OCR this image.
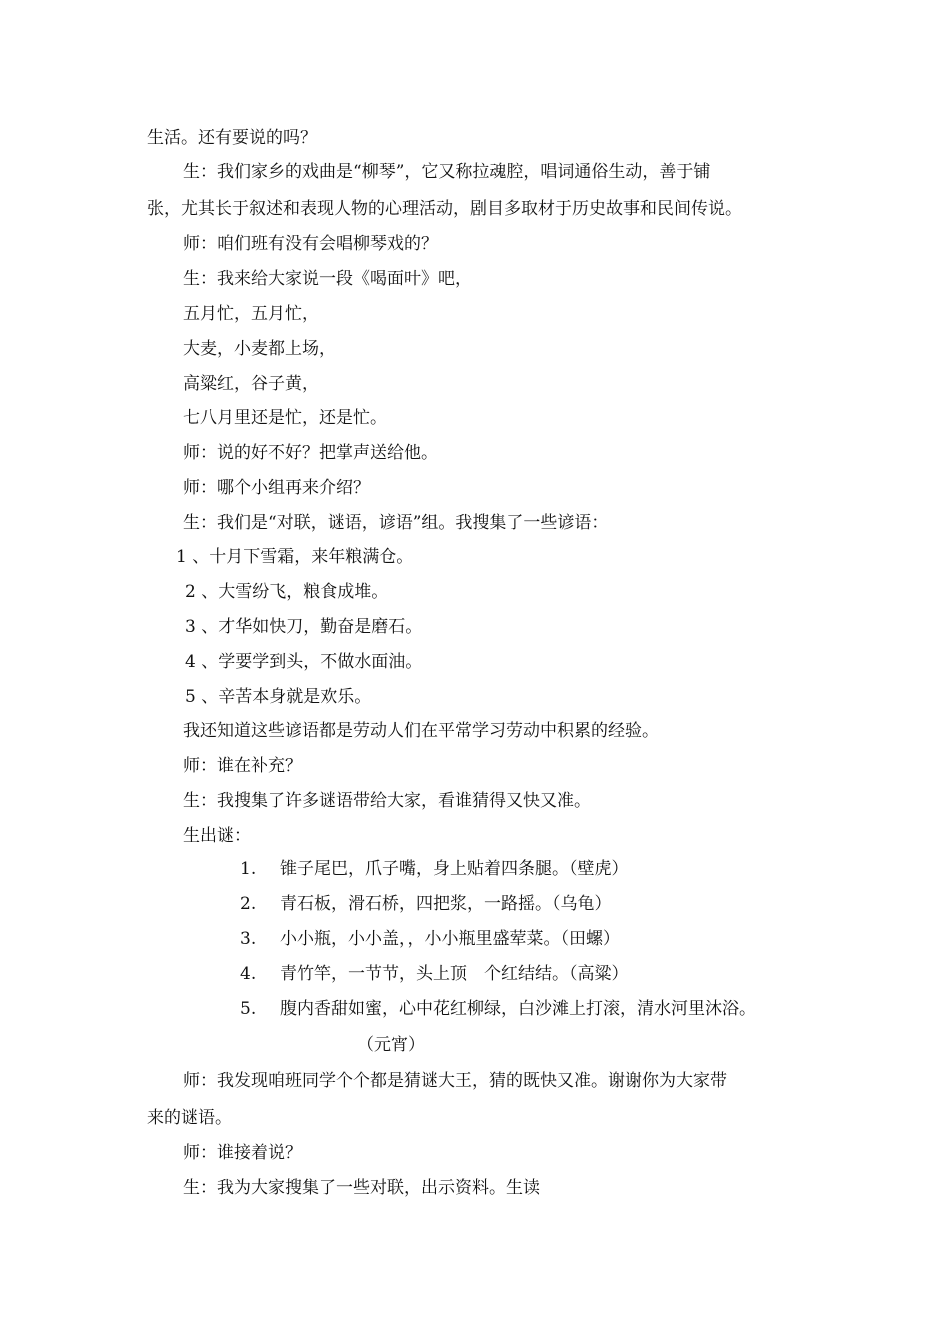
生活。还有要说的吗？
生：我们家乡的戏曲是“柳琴”，它又称拉魂腔，唱词通俗生动，善于铺
张，尤其长于叙述和表现人物的心理活动，剧目多取材于历史故事和民间传说。
师：咱们班有没有会唱柳琴戏的？
生：我来给大家说一段《喝面叶》吧，
五月忙，五月忙，
大麦，小麦都上场，
高粱红，谷子黄，
七八月里还是忙，还是忙。
师：说的好不好？把掌声送给他。
师：哪个小组再来介绍？
生：我们是“对联，谜语，谚语”组。我搜集了一些谚语：
1 、十月下雪霜，来年粮满仓。
2 、大雪纷飞，粮食成堆。
3 、才华如快刀，勤奋是磨石。
4 、学要学到头，不做水面油。
5 、辛苦本身就是欢乐。
我还知道这些谚语都是劳动人们在平常学习劳动中积累的经验。
师：谁在补充？
生：我搜集了许多谜语带给大家，看谁猜得又快又准。
生出谜：
1. 锥子尾巴，爪子嘴，身上贴着四条腿。（壁虎）
2. 青石板，滑石桥，四把浆，一路摇。（乌龟）
3. 小小瓶，小小盖，，小小瓶里盛荤菜。（田螺）
4. 青竹竿，一节节，头上顶　个红结结。（高粱）
5. 腹内香甜如蜜，心中花红柳绿，白沙滩上打滚，清水河里沐浴。
（元宵）
师：我发现咱班同学个个都是猜谜大王，猜的既快又准。谢谢你为大家带
来的谜语。
师：谁接着说？
生：我为大家搜集了一些对联，出示资料。生读
